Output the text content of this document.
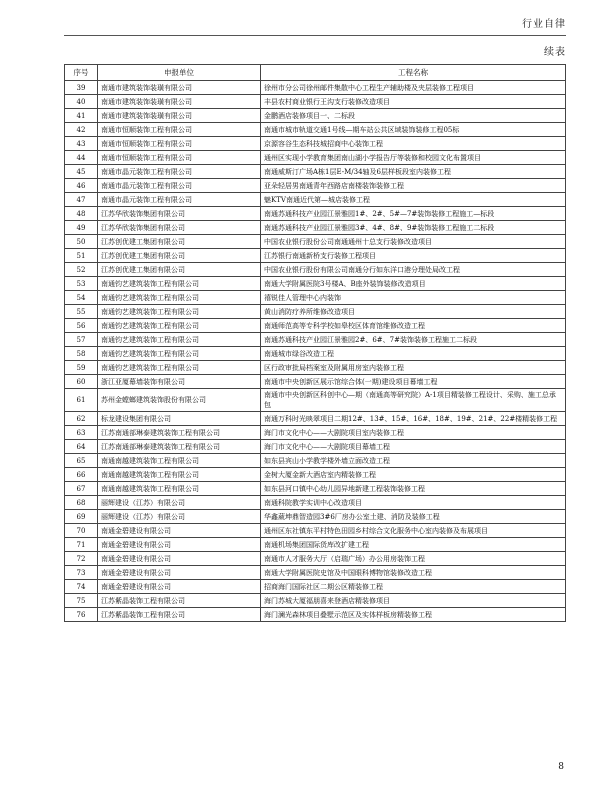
行业自律
续表
序号	申报单位	工程名称
39	南通市建筑装饰装璜有限公司	徐州市分公司徐州邮件集散中心工程生产辅助楼及夹层装修工程项目
40	南通市建筑装饰装璜有限公司	丰县农村商业银行王沟支行装修改造项目
41	南通市建筑装饰装璜有限公司	金鹏酒店装修项目一、二标段
42	南通市恒顺装饰工程有限公司	南通市城市轨道交通1号线—期车站公共区域装饰装修工程05标
43	南通市恒顺装饰工程有限公司	京源容谷生态科技城招商中心装饰工程
44	南通市恒顺装饰工程有限公司	通州区实现小学教育集团南山湖小学报告厅等装修和校园文化布置项目
45	南通市晶元装饰工程有限公司	南通威斯汀广场A栋1层E-M/34轴及6层样板段室内装修工程
46	南通市晶元装饰工程有限公司	亚朵轻居男南通青年西路店南楼装饰装修工程
47	南通市晶元装饰工程有限公司	魅KTV南通近代第—城店装修工程
48	江苏华欣装饰集团有限公司	南通苏通科技产业园江景雅园1#、2#、5#—7#装饰装修工程施工—标段
49	江苏华欣装饰集团有限公司	南通苏通科技产业园江景雅园3#、4#、8#、9#装饰装修工程施工二标段
50	江苏创优建工集团有限公司	中国农业银行股份公司南通通州十总支行装修改造项目
51	江苏创优建工集团有限公司	江苏银行南通新桥支行装修工程项目
52	江苏创优建工集团有限公司	中国农业银行股份有限公司南通分行如东洋口港分理处局改工程
53	南通钧艺建筑装饰工程有限公司	南通大学附属医院3号楼A、B座外装饰装修改造项目
54	南通钧艺建筑装饰工程有限公司	禧锐佳人管理中心内装饰
55	南通钧艺建筑装饰工程有限公司	黄山消防疗养所维修改造项目
56	南通钧艺建筑装饰工程有限公司	南通师范高等专科学校如皋校区体育馆维修改造工程
57	南通钧艺建筑装饰工程有限公司	南通苏通科技产业园江景雅园2#、6#、7#装饰装修工程施工二标段
58	南通钧艺建筑装饰工程有限公司	南通城市绿谷改造工程
59	南通钧艺建筑装饰工程有限公司	区行政审批局档案室及附属用房室内装修工程
60	浙江亚厦幕墙装饰有限公司	南通市中央创新区展示馆综合体(一期)建设项目幕墙工程
61	苏州金螳螂建筑装饰股份有限公司	南通市中央创新区科创中心—期（南通高等研究院）A-1项目精装修工程设计、采购、施工总承包
62	标龙建设集团有限公司	南通万科时光映翠项目二期12#、13#、15#、16#、18#、19#、21#、22#楼精装修工程
63	江苏南通部琳泰建筑装饰工程有限公司	海门市文化中心——大剧院项目室内装修工程
64	江苏南通部琳泰建筑装饰工程有限公司	海门市文化中心——大剧院项目幕墙工程
65	南通南越建筑装饰工程有限公司	如东县宾山小学教学楼外墙立面改造工程
66	南通南越建筑装饰工程有限公司	金树大厦金新大酒店室内精装修工程
67	南通南越建筑装饰工程有限公司	如东县河口镇中心幼儿园异地新建工程装饰装修工程
68	丽辉建设（江苏）有限公司	南通科院教学实训中心改造项目
69	丽辉建设（江苏）有限公司	华鑫葳坤鼎智造园3#6厂房办公室土建、消防及装修工程
70	南通金碧建设有限公司	通州区东社镇东平村特色田园乡村综合文化服务中心室内装修及布展项目
71	南通金碧建设有限公司	南通机场集团国际货库改扩建工程
72	南通金碧建设有限公司	南通市人才服务大厅（启瑞广场）办公用房装饰工程
73	南通金碧建设有限公司	南通大学附属医院史馆及中国眼科博物馆装修改造工程
74	南通金碧建设有限公司	招商海门国际社区二期公区精装修工程
75	江苏紫晶装饰工程有限公司	海门苏城大厦福朋喜来登酒店精装修项目
76	江苏紫晶装饰工程有限公司	海门澜光森林项目叠墅示范区及实体样板房精装修工程
8
